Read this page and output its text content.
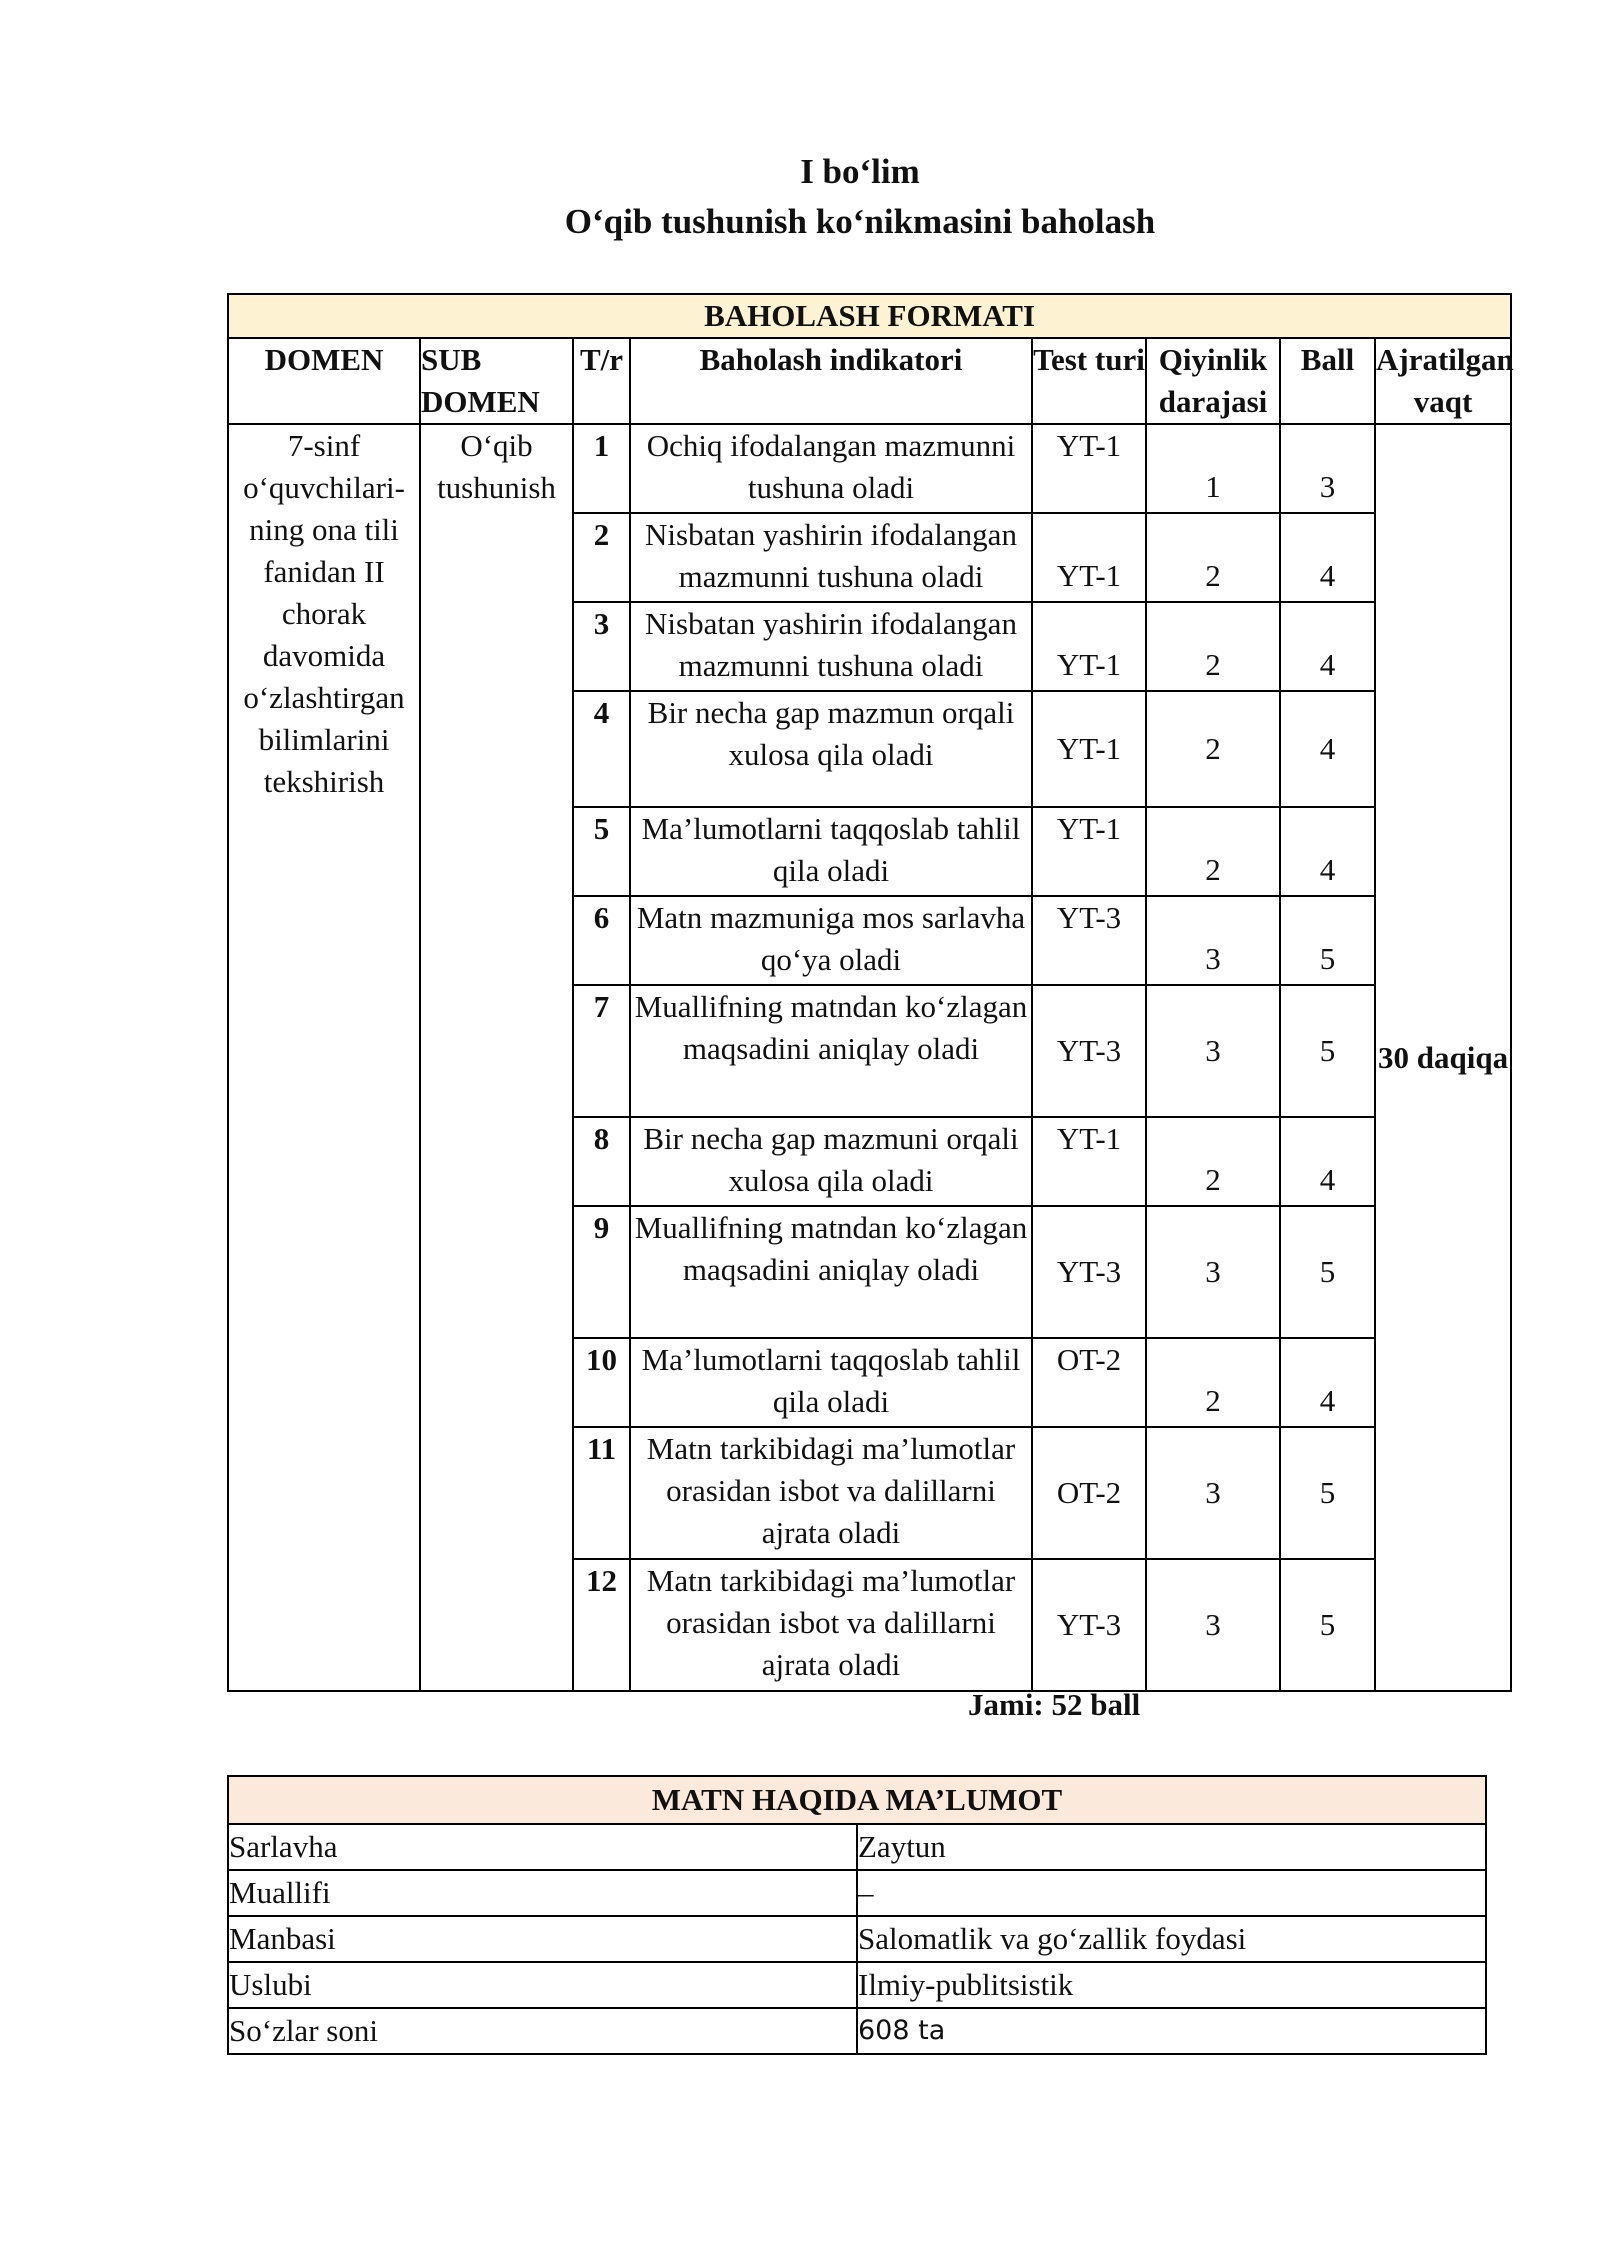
I bo‘lim

O‘qib tushunish ko‘nikmasini baholash

BAHOLASH FORMATI							
DOMEN	SUB DOMEN	T/r	Baholash indikatori	Test turi	Qiyinlik darajasi	Ball	Ajratilgan vaqt
7-sinf o‘quvchilari-ning ona tili fanidan II chorak davomida o‘zlashtirgan bilimlarini tekshirish	O‘qib tushunish	1	Ochiq ifodalangan mazmunni tushuna oladi	YT-1	1	3	30 daqiqa
		2	Nisbatan yashirin ifodalangan mazmunni tushuna oladi	YT-1	2	4	
		3	Nisbatan yashirin ifodalangan mazmunni tushuna oladi	YT-1	2	4	
		4	Bir necha gap mazmun orqali xulosa qila oladi	YT-1	2	4	
		5	Ma’lumotlarni taqqoslab tahlil qila oladi	YT-1	2	4	
		6	Matn mazmuniga mos sarlavha qo‘ya oladi	YT-3	3	5	
		7	Muallifning matndan ko‘zlagan maqsadini aniqlay oladi	YT-3	3	5	
		8	Bir necha gap mazmuni orqali xulosa qila oladi	YT-1	2	4	
		9	Muallifning matndan ko‘zlagan maqsadini aniqlay oladi	YT-3	3	5	
		10	Ma’lumotlarni taqqoslab tahlil qila oladi	OT-2	2	4	
		11	Matn tarkibidagi ma’lumotlar orasidan isbot va dalillarni ajrata oladi	OT-2	3	5	
		12	Matn tarkibidagi ma’lumotlar orasidan isbot va dalillarni ajrata oladi	YT-3	3	5	

Jami: 52 ball

MATN HAQIDA MA’LUMOT	
Sarlavha	Zaytun
Muallifi	–
Manbasi	Salomatlik va go‘zallik foydasi
Uslubi	Ilmiy-publitsistik
So‘zlar soni	608 ta
